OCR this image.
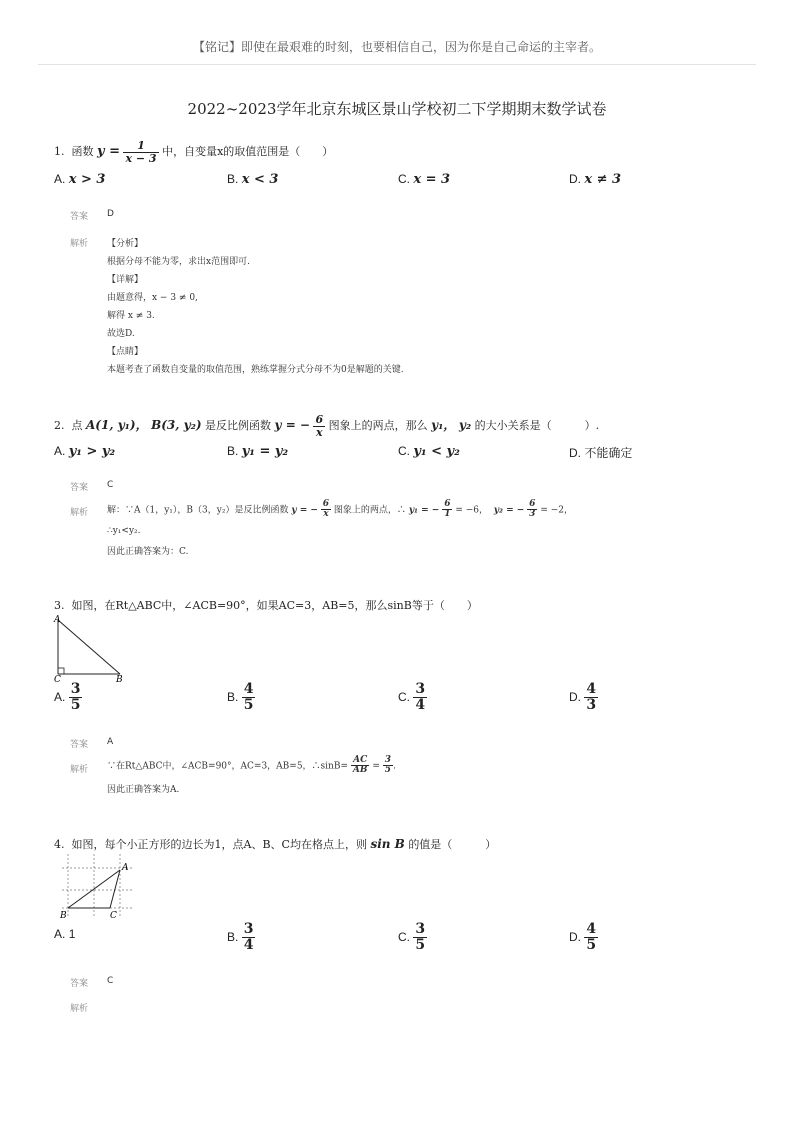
【铭记】即使在最艰难的时刻，也要相信自己，因为你是自己命运的主宰者。
2022~2023学年北京东城区景山学校初二下学期期末数学试卷
1. 函数 $y = \frac{1}{x - 3}$ 中，自变量x的取值范围是（　　）
A. x > 3	B. x < 3	C. x = 3	D. x ≠ 3
答案 D
解析 【分析】
根据分母不能为零，求出x范围即可.
【详解】
由题意得，x − 3 ≠ 0,
解得 x ≠ 3.
故选D.
【点睛】
本题考查了函数自变量的取值范围，熟练掌握分式分母不为0是解题的关键.
2. 点 A(1, y₁)， B(3, y₂) 是反比例函数 y = − $\frac{6}{x}$ 图象上的两点，那么 y₁， y₂ 的大小关系是（　　　）.
A. y₁ > y₂	B. y₁ = y₂	C. y₁ < y₂	D. 不能确定
答案 C
解析 解：∵A（1，y₁），B（3，y₂）是反比例函数 y = − $\frac{6}{x}$ 图象上的两点，∴ y₁ = − $\frac{6}{1} = -6$， y₂ = − $\frac{6}{3} = -2$，
∴y₁<y₂.
因此正确答案为：C.
3. 如图，在Rt△ABC中，∠ACB=90°，如果AC=3，AB=5，那么sinB等于（　　）
A
C	B
A. $\frac{3}{5}$	B. $\frac{4}{5}$	C. $\frac{3}{4}$	D. $\frac{4}{3}$
答案 A
解析 ∵在Rt△ABC中，∠ACB=90°，AC=3，AB=5，∴sinB= $\frac{AC}{AB} = \frac{3}{5}$ .
因此正确答案为A.
4. 如图，每个小正方形的边长为1，点A、B、C均在格点上，则 sin B 的值是（　　　）
A
B	C
A. 1	B. $\frac{3}{4}$	C. $\frac{3}{5}$	D. $\frac{4}{5}$
答案 C
解析
